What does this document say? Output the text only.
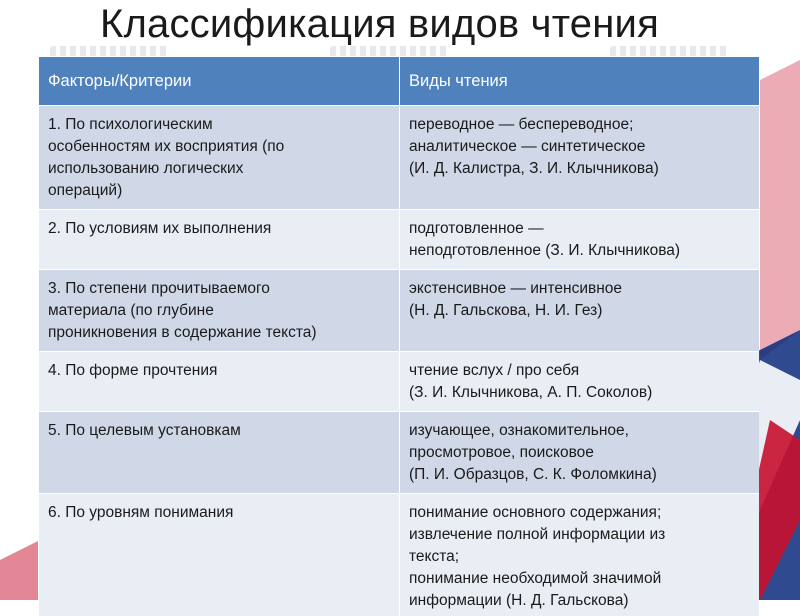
Классификация видов чтения
Факторы/Критерии	Виды чтения

1. По психологическим
особенностям их восприятия (по
использованию логических
операций)	переводное — беспереводное;
аналитическое — синтетическое
(И. Д. Калистра, З. И. Клычникова)

2. По условиям их выполнения	подготовленное —
неподготовленное (З. И. Клычникова)

3. По степени прочитываемого
материала (по глубине
проникновения в содержание текста)	экстенсивное — интенсивное
(Н. Д. Гальскова, Н. И. Гез)

4. По форме прочтения	чтение вслух / про себя
(З. И. Клычникова, А. П. Соколов)

5. По целевым установкам	изучающее, ознакомительное,
просмотровое, поисковое
(П. И. Образцов, С. К. Фоломкина)

6. По уровням понимания	понимание основного содержания;
извлечение полной информации из
текста;
понимание необходимой значимой
информации (Н. Д. Гальскова)
